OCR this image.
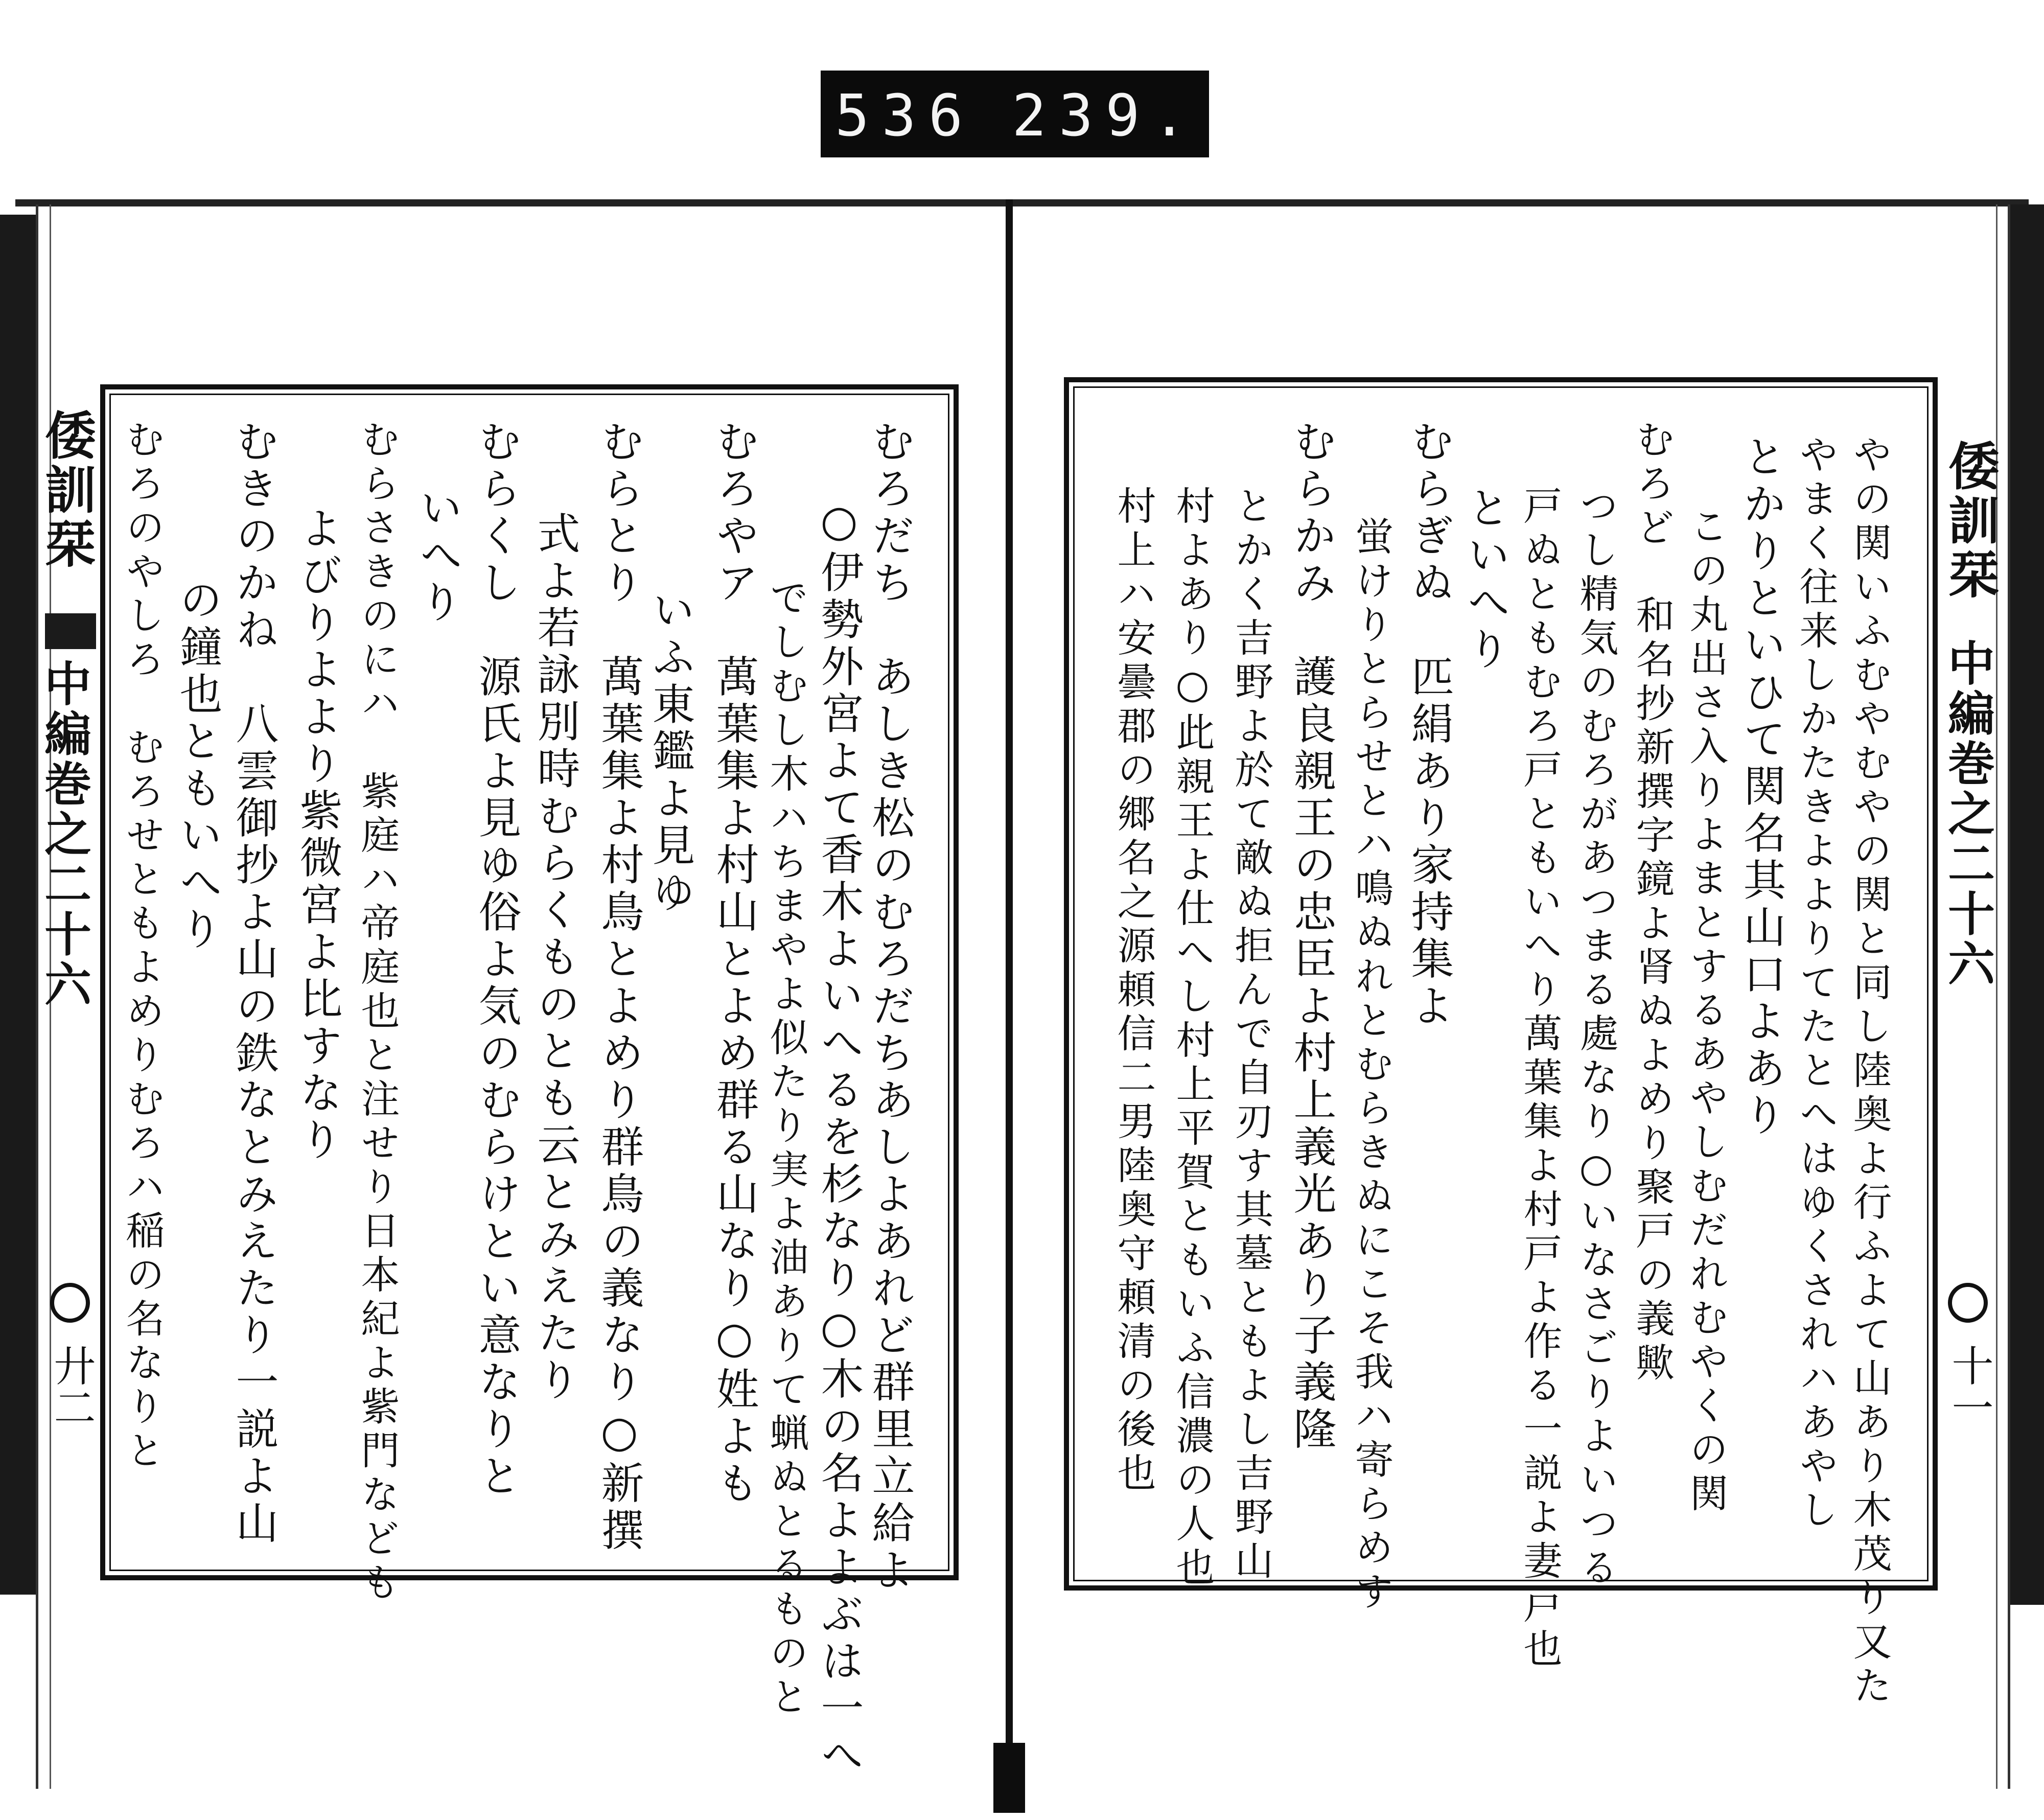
536 239.
倭訓栞
中編巻之二十六
廾二	むろだち　あしき松のむろだちあしよあれど群里立給よ
○伊勢外宮よて香木よいへるを杉なり○木の名よよぶは一へ
でしむし木ハちまやよ似たり実よ油ありて蝋ぬとるものと
むろやア　萬葉集よ村山とよめ群る山なり○姓よも
いふ東鑑よ見ゆ
むらとり　萬葉集よ村鳥とよめり群鳥の義なり○新撰
式よ若詠別時むらくものとも云とみえたり
むらくし　源氏よ見ゆ俗よ気のむらけとい意なりと
いへり
むらさきのにハ　紫庭ハ帝庭也と注せり日本紀よ紫門なども
よびりよより紫微宮よ比すなり
むきのかね　八雲御抄よ山の鉄なとみえたり一説よ山
の鐘也ともいへり
むろのやしろ　むろせともよめりむろハ稲の名なりと	倭訓栞
中編巻之二十六
十一
やの関いふむやむやの関と同し陸奥よ行ふよて山あり木茂り又た
やまく往来しかたきよよりてたとへはゆくされハあやし
とかりといひて関名其山口よあり
この丸出さ入りよまとするあやしむだれむやくの関
むろど　和名抄新撰字鏡よ肾ぬよめり聚戸の義歟
つし精気のむろがあつまる處なり○いなさごりよいつる
戸ぬともむろ戸ともいへり萬葉集よ村戸よ作る一説よ妻戸也
といへり
むらぎぬ　匹絹あり家持集よ
蛍けりとらせとハ鳴ぬれとむらきぬにこそ我ハ寄らめす
むらかみ　護良親王の忠臣よ村上義光あり子義隆
とかく吉野よ於て敵ぬ拒んで自刃す其墓ともよし吉野山
村よあり○此親王よ仕へし村上平賀ともいふ信濃の人也
村上ハ安曇郡の郷名之源頼信二男陸奥守頼清の後也
